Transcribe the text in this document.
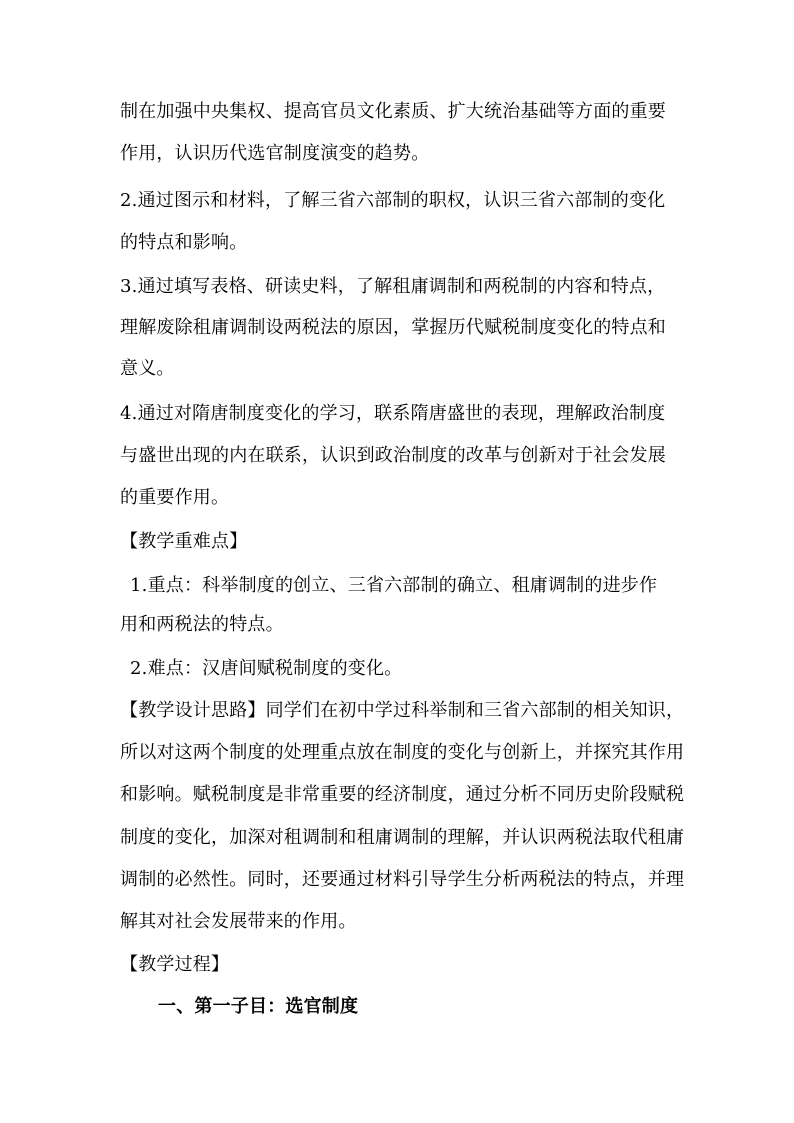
制在加强中央集权、提高官员文化素质、扩大统治基础等方面的重要
作用，认识历代选官制度演变的趋势。
2.通过图示和材料，了解三省六部制的职权，认识三省六部制的变化
的特点和影响。
3.通过填写表格、研读史料，了解租庸调制和两税制的内容和特点，
理解废除租庸调制设两税法的原因，掌握历代赋税制度变化的特点和
意义。
4.通过对隋唐制度变化的学习，联系隋唐盛世的表现，理解政治制度
与盛世出现的内在联系，认识到政治制度的改革与创新对于社会发展
的重要作用。
【教学重难点】
1.重点：科举制度的创立、三省六部制的确立、租庸调制的进步作
用和两税法的特点。
2.难点：汉唐间赋税制度的变化。
【教学设计思路】同学们在初中学过科举制和三省六部制的相关知识，
所以对这两个制度的处理重点放在制度的变化与创新上，并探究其作用
和影响。赋税制度是非常重要的经济制度，通过分析不同历史阶段赋税
制度的变化，加深对租调制和租庸调制的理解，并认识两税法取代租庸
调制的必然性。同时，还要通过材料引导学生分析两税法的特点，并理
解其对社会发展带来的作用。
【教学过程】
一、第一子目：选官制度
